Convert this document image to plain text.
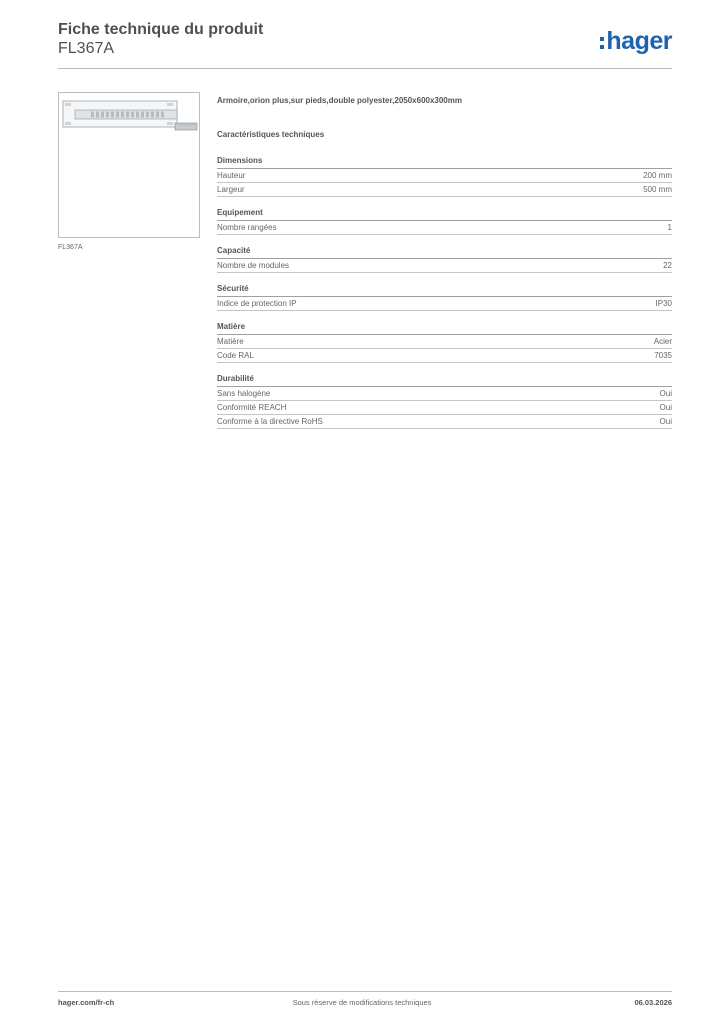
Fiche technique du produit
FL367A	hager
FL367A
Armoire,orion plus,sur pieds,double polyester,2050x600x300mm
Caractéristiques techniques
Dimensions
Hauteur	200 mm
Largeur	500 mm
Equipement
Nombre rangées	1
Capacité
Nombre de modules	22
Sécurité
Indice de protection IP	IP30
Matière
Matière	Acier
Code RAL	7035
Durabilité
Sans halogène	Oui
Conformité REACH	Oui
Conforme à la directive RoHS	Oui
hager.com/fr-ch	Sous réserve de modifications techniques	06.03.2026
